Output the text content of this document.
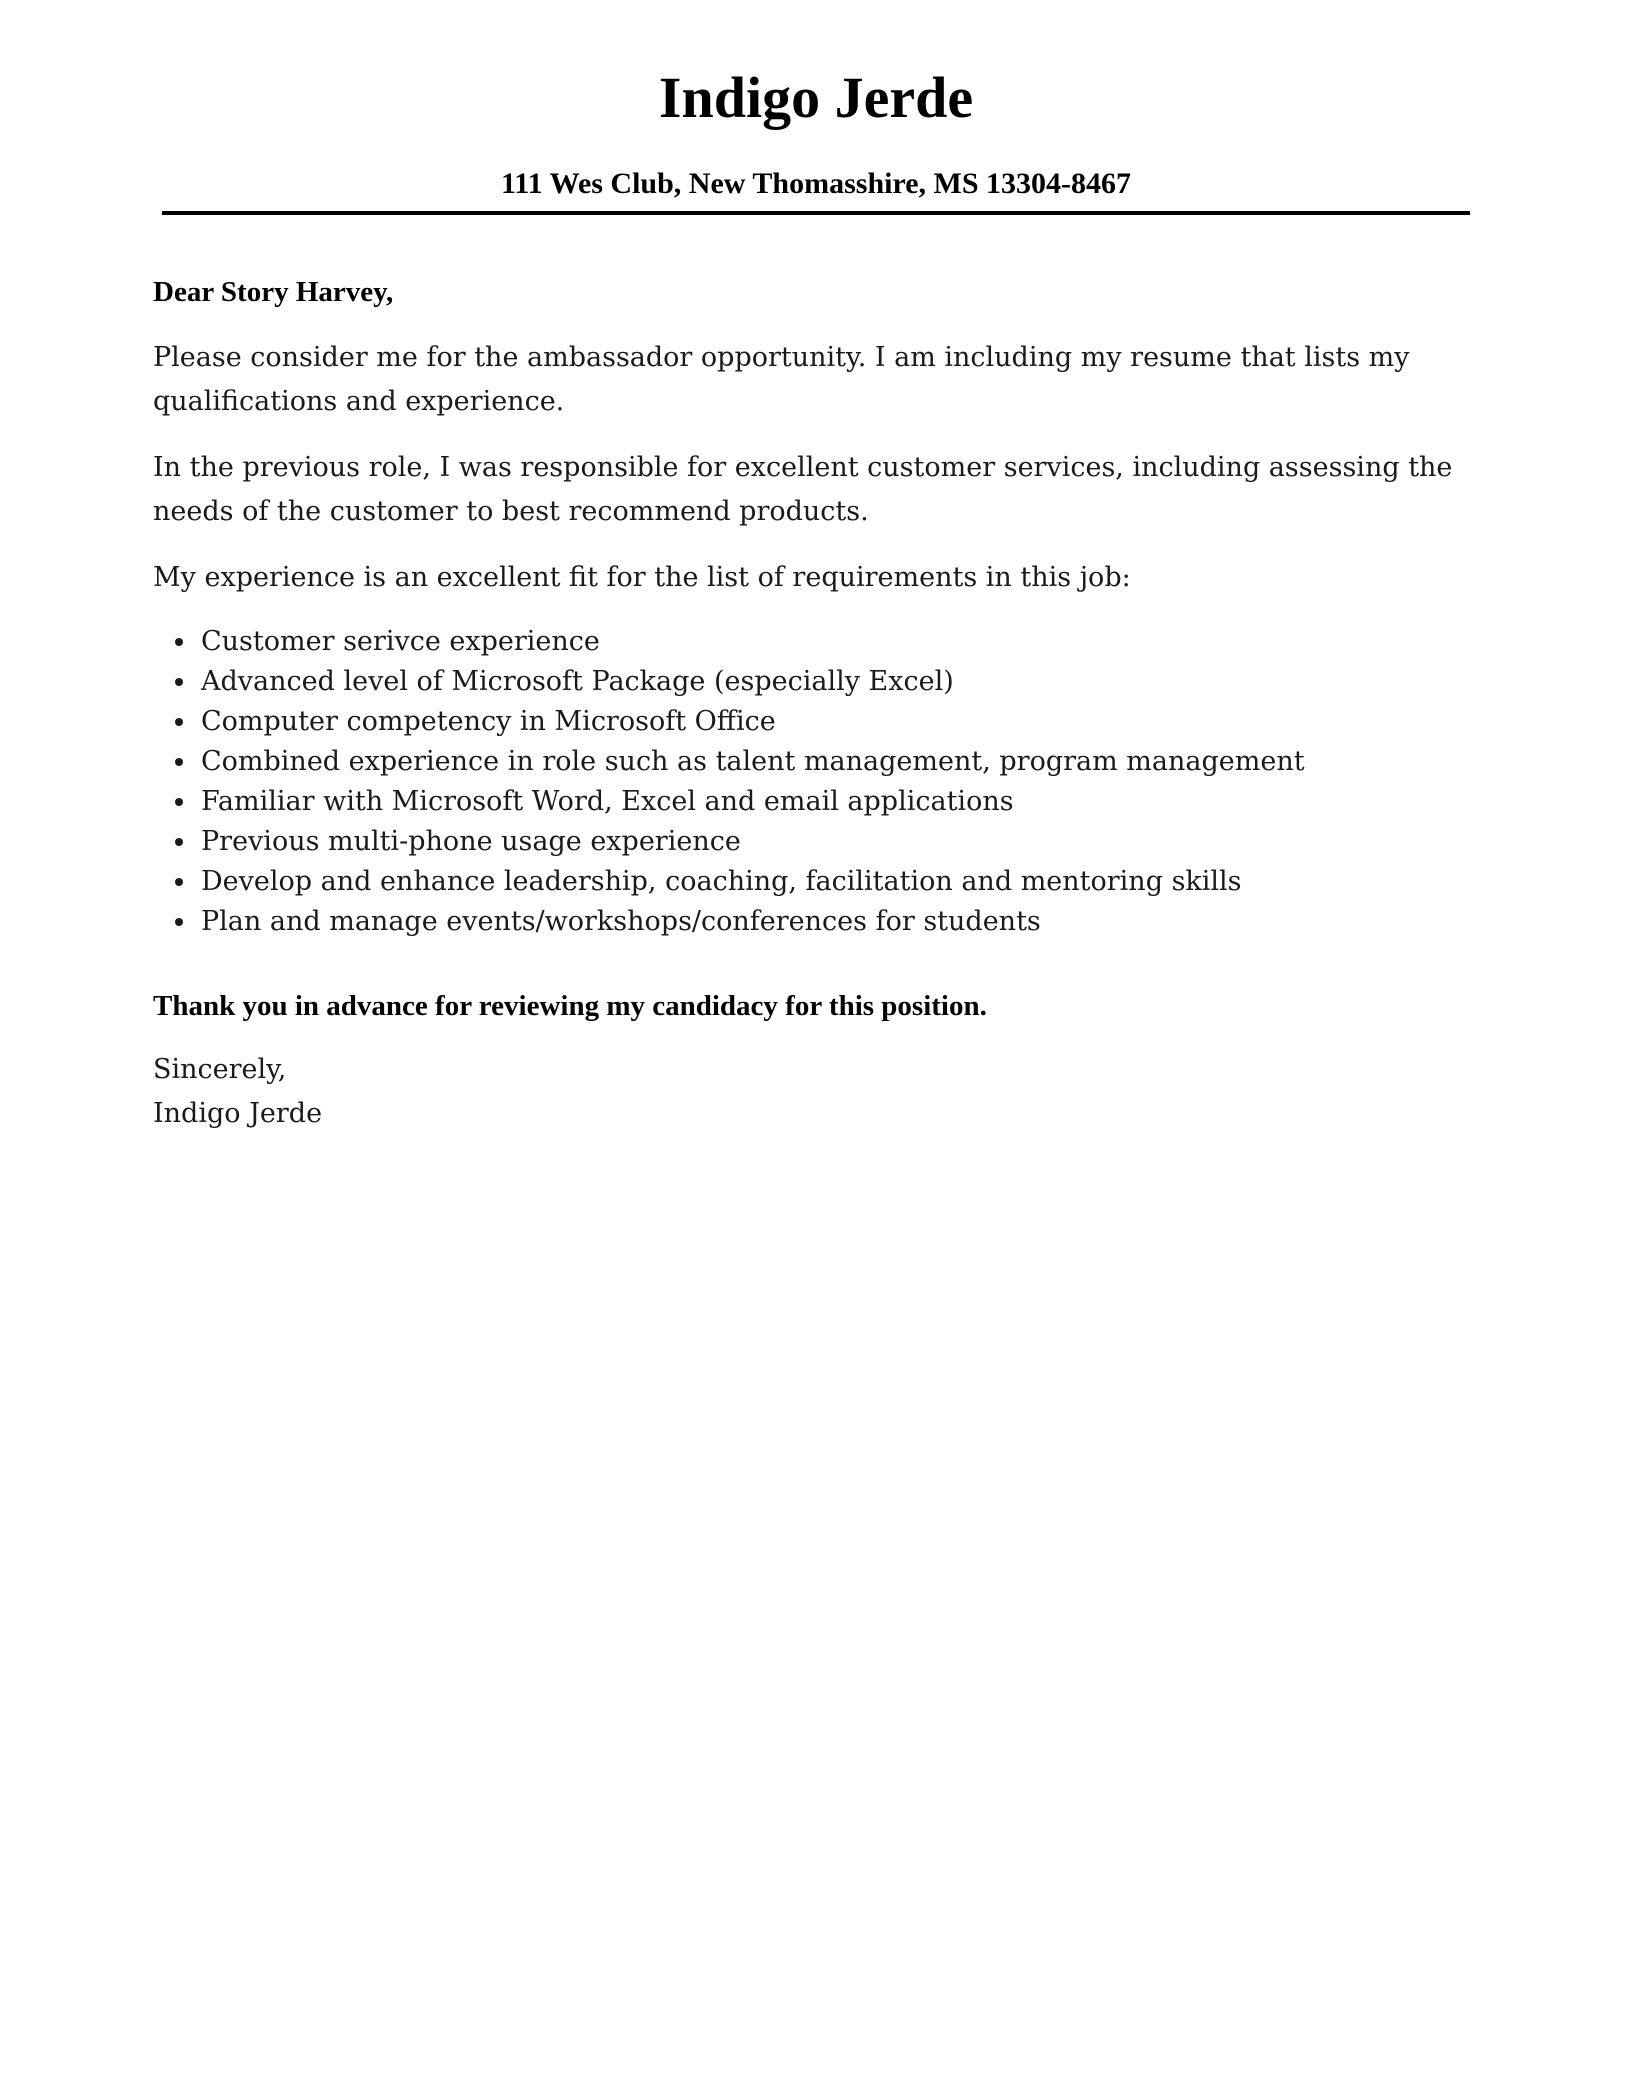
Indigo Jerde
111 Wes Club, New Thomasshire, MS 13304-8467

Dear Story Harvey,

Please consider me for the ambassador opportunity. I am including my resume that lists my qualifications and experience.

In the previous role, I was responsible for excellent customer services, including assessing the needs of the customer to best recommend products.

My experience is an excellent fit for the list of requirements in this job:

Customer serivce experience
Advanced level of Microsoft Package (especially Excel)
Computer competency in Microsoft Office
Combined experience in role such as talent management, program management
Familiar with Microsoft Word, Excel and email applications
Previous multi-phone usage experience
Develop and enhance leadership, coaching, facilitation and mentoring skills
Plan and manage events/workshops/conferences for students

Thank you in advance for reviewing my candidacy for this position.

Sincerely,

Indigo Jerde
